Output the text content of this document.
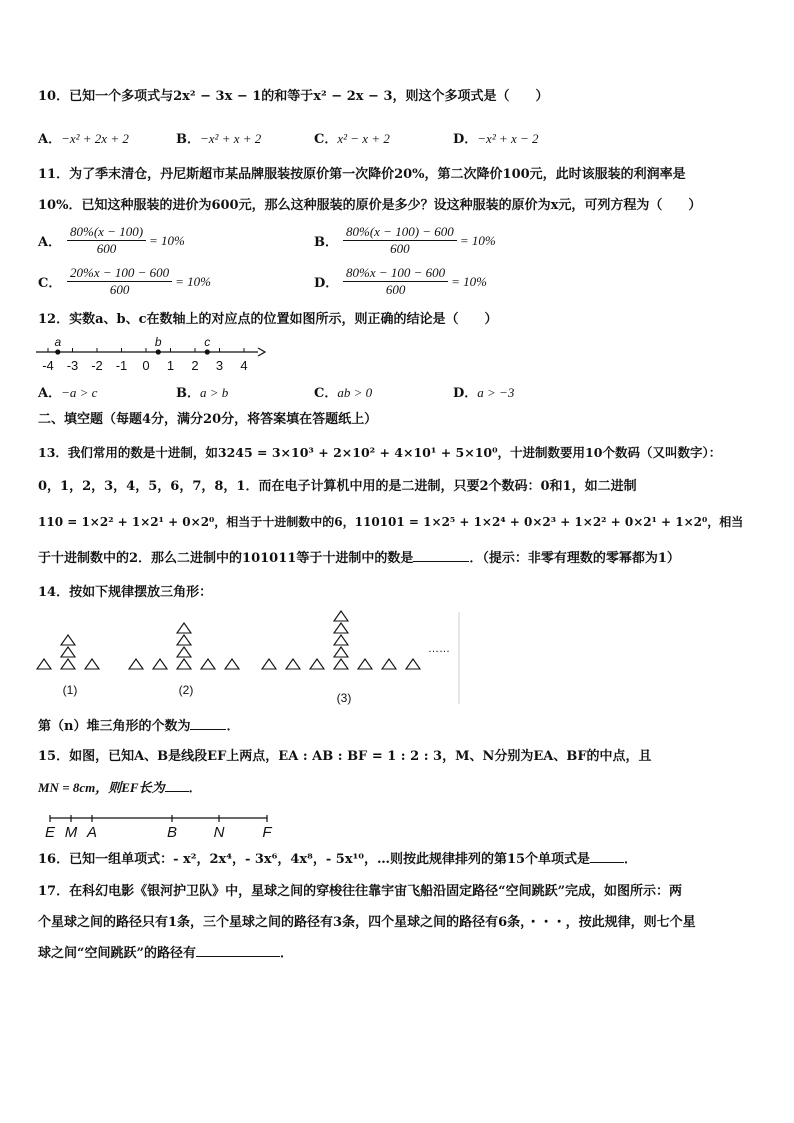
10．已知一个多项式与2x² − 3x − 1的和等于x² − 2x − 3，则这个多项式是（　　）
A．−x² + 2x + 2	B．−x² + x + 2	C．x² − x + 2	D．−x² + x − 2
11．为了季末清仓，丹尼斯超市某品牌服装按原价第一次降价20%，第二次降价100元，此时该服装的利润率是
10%．已知这种服装的进价为600元，那么这种服装的原价是多少？设这种服装的原价为x元，可列方程为（　　）
A． $\frac{80\%(x - 100)}{600} = 10\%$	B． $\frac{80\%(x - 100) - 600}{600} = 10\%$
C． $\frac{20\%x - 100 - 600}{600} = 10\%$	D． $\frac{80\%x - 100 - 600}{600} = 10\%$
12．实数a、b、c在数轴上的对应点的位置如图所示，则正确的结论是（　　）
-4 -3 -2 -1 0 1 2 3 4
a	b	c
A．−a > c	B．a > b	C．ab > 0	D．a > −3
二、填空题（每题4分，满分20分，将答案填在答题纸上）
13．我们常用的数是十进制，如3245 = 3×10³ + 2×10² + 4×10¹ + 5×10⁰，十进制数要用10个数码（又叫数字）：
0，1，2，3，4，5，6，7，8，1．而在电子计算机中用的是二进制，只要2个数码：0和1，如二进制
110 = 1×2² + 1×2¹ + 0×2⁰，相当于十进制数中的6，110101 = 1×2⁵ + 1×2⁴ + 0×2³ + 1×2² + 0×2¹ + 1×2⁰，相当
于十进制数中的2．那么二进制中的101011等于十进制中的数是	．（提示：非零有理数的零幂都为1）
14．按如下规律摆放三角形：
(1)	(2)
(3)
……
第（n）堆三角形的个数为	．
15．如图，已知A、B是线段EF上两点，EA : AB : BF = 1 : 2 : 3，M、N分别为EA、BF的中点，且
MN = 8cm，则EF长为 ．
E M A	B N	F
16．已知一组单项式：- x²，2x⁴，- 3x⁶，4x⁸，- 5x¹⁰，…则按此规律排列的第15个单项式是	．
17．在科幻电影《银河护卫队》中，星球之间的穿梭往往靠宇宙飞船沿固定路径“空间跳跃”完成，如图所示：两
个星球之间的路径只有1条，三个星球之间的路径有3条，四个星球之间的路径有6条，・・・，按此规律，则七个星
球之间“空间跳跃”的路径有	．
